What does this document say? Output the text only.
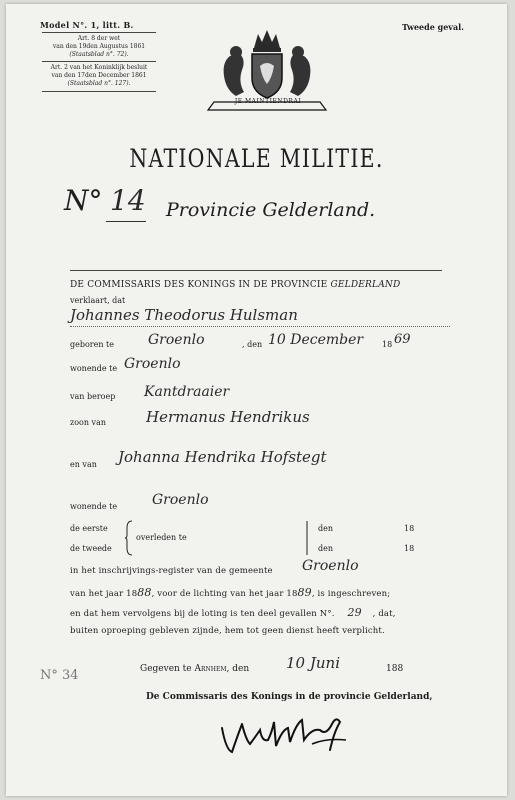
Model N°. 1, litt. B.	Tweede geval.
Art. 8 der wet
van den 19den Augustus 1861
(Staatsblad n°. 72).
Art. 2 van het Koninklijk besluit
van den 17den December 1861
(Staatsblad n°. 127).
JE MAINTIENDRAI
NATIONALE MILITIE.
N° 14 Provincie Gelderland.
DE COMMISSARIS DES KONINGS IN DE PROVINCIE GELDERLAND
verklaart, dat
Johannes Theodorus Hulsman
geboren te Groenlo	, den 10 December 18 69
wonende te Groenlo
van beroep Kantdraaier
zoon van	Hermanus Hendrikus
en van Johanna Hendrika Hofstegt
wonende te Groenlo
de eerste
de tweede
overleden te
den	18
den	18
in het inschrijvings-register van de gemeente Groenlo
van het jaar 1888, voor de lichting van het jaar 1889, is ingeschreven;
en dat hem vervolgens bij de loting is ten deel gevallen N°. 29 , dat,
buiten oproeping gebleven zijnde, hem tot geen dienst heeft verplicht.
N° 34	Gegeven te Arnhem, den 10 Juni	188
De Commissaris des Konings in de provincie Gelderland,
